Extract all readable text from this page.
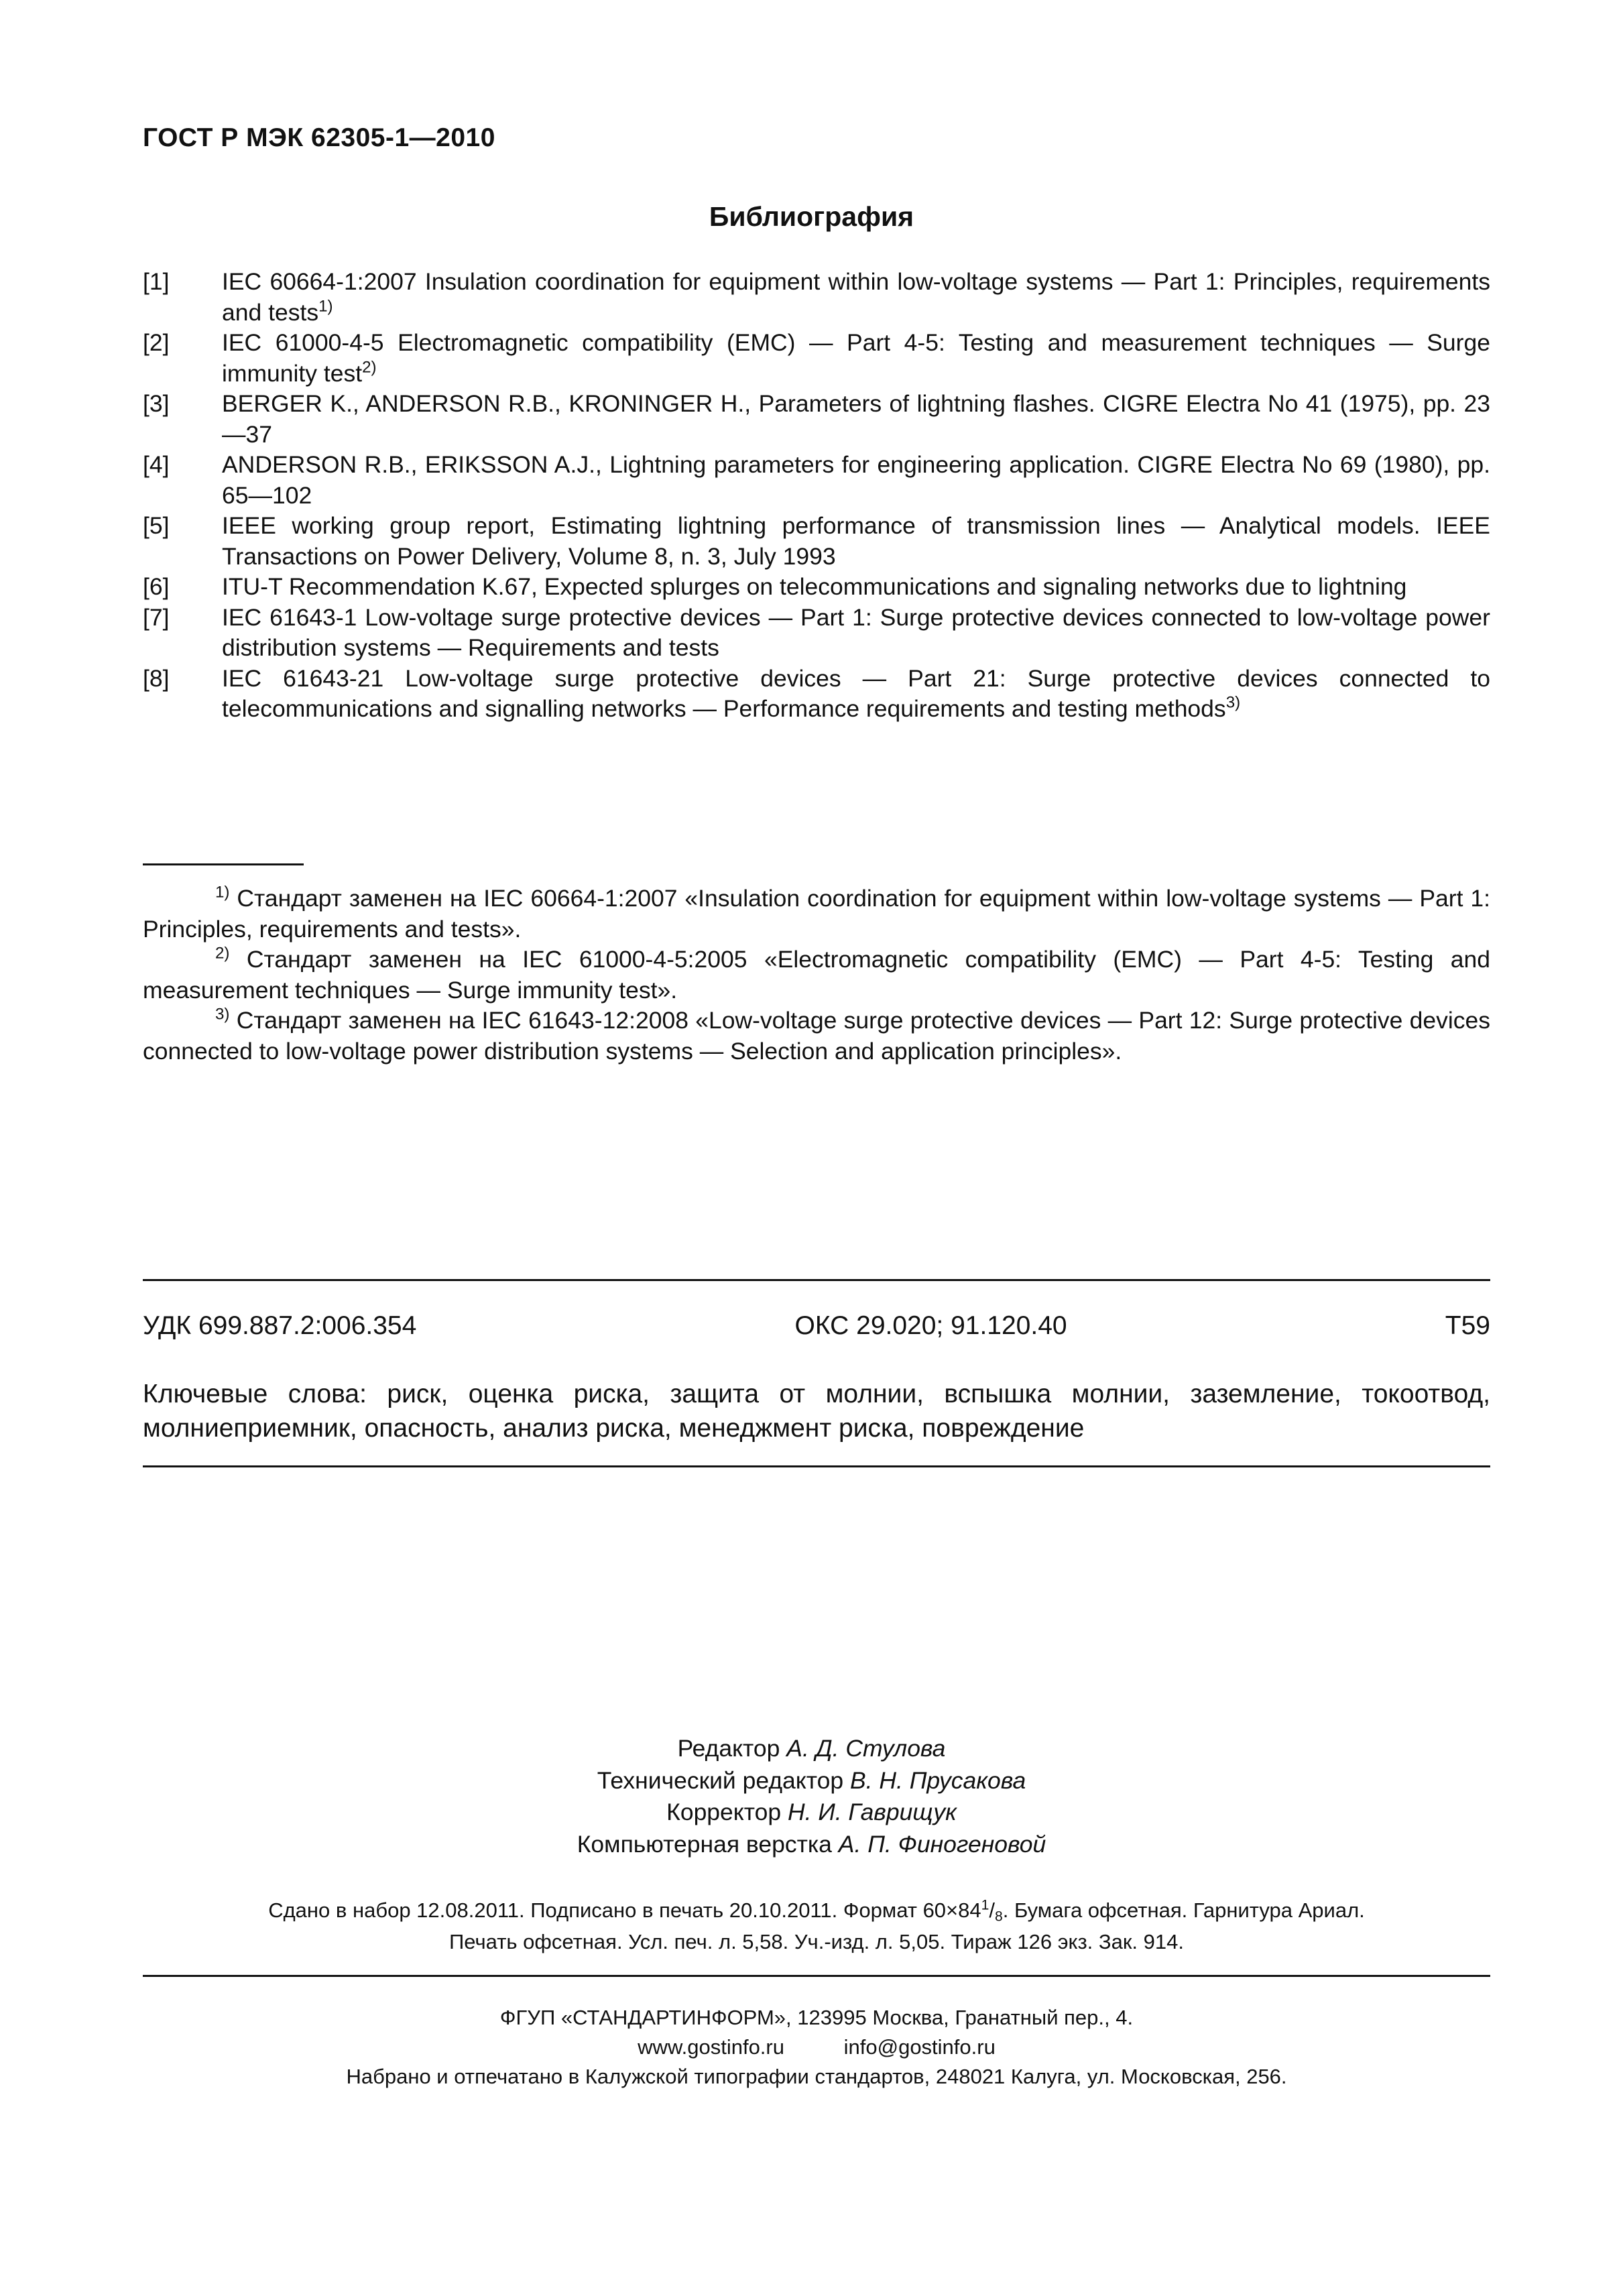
ГОСТ Р МЭК 62305-1—2010
Библиография
[1]	IEC 60664-1:2007 Insulation coordination for equipment within low-voltage systems — Part 1: Principles, requirements and tests$^{1)}$
[2]	IEC 61000-4-5 Electromagnetic compatibility (EMC) — Part 4-5: Testing and measurement techniques — Surge immunity test$^{2)}$
[3]	BERGER K., ANDERSON R.B., KRONINGER H., Parameters of lightning flashes. CIGRE Electra No 41 (1975), pp. 23—37
[4]	ANDERSON R.B., ERIKSSON A.J., Lightning parameters for engineering application. CIGRE Electra No 69 (1980), pp. 65—102
[5]	IEEE working group report, Estimating lightning performance of transmission lines — Analytical models. IEEE Transactions on Power Delivery, Volume 8, n. 3, July 1993
[6]	ITU-T Recommendation K.67, Expected splurges on telecommunications and signaling networks due to lightning
[7]	IEC 61643-1 Low-voltage surge protective devices — Part 1: Surge protective devices connected to low-voltage power distribution systems — Requirements and tests
[8]	IEC 61643-21 Low-voltage surge protective devices — Part 21: Surge protective devices connected to telecommunications and signalling networks — Performance requirements and testing methods$^{3)}$
$^{1)}$ Стандарт заменен на IEC 60664-1:2007 «Insulation coordination for equipment within low-voltage systems — Part 1: Principles, requirements and tests».
$^{2)}$ Стандарт заменен на IEC 61000-4-5:2005 «Electromagnetic compatibility (EMC) — Part 4-5: Testing and measurement techniques — Surge immunity test».
$^{3)}$ Стандарт заменен на IEC 61643-12:2008 «Low-voltage surge protective devices — Part 12: Surge protective devices connected to low-voltage power distribution systems — Selection and application principles».
УДК 699.887.2:006.354	ОКС 29.020; 91.120.40	Т59
Ключевые слова: риск, оценка риска, защита от молнии, вспышка молнии, заземление, токоотвод, молниеприемник, опасность, анализ риска, менеджмент риска, повреждение
Редактор А. Д. Стулова
Технический редактор В. Н. Прусакова
Корректор Н. И. Гаврищук
Компьютерная верстка А. П. Финогеновой
Сдано в набор 12.08.2011. Подписано в печать 20.10.2011. Формат $60\times 84^1/_8$. Бумага офсетная. Гарнитура Ариал.
Печать офсетная. Усл. печ. л. 5,58. Уч.-изд. л. 5,05. Тираж 126 экз. Зак. 914.
ФГУП «СТАНДАРТИНФОРМ», 123995 Москва, Гранатный пер., 4.
www.gostinfo.ru	info@gostinfo.ru
Набрано и отпечатано в Калужской типографии стандартов, 248021 Калуга, ул. Московская, 256.
